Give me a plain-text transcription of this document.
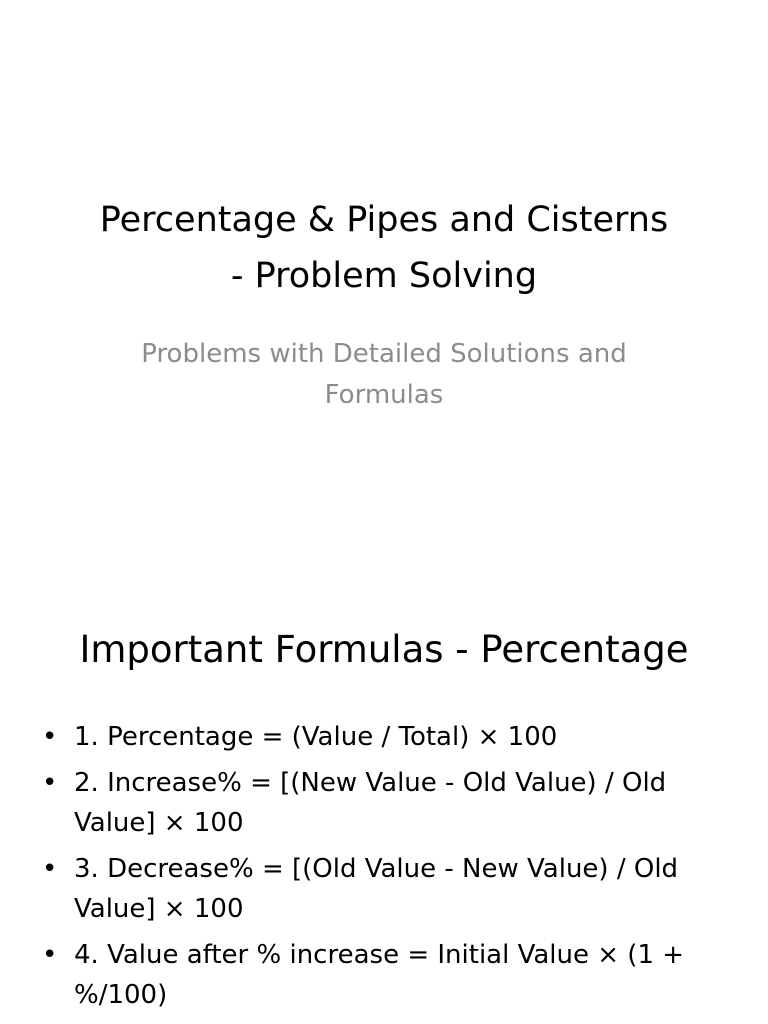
Percentage & Pipes and Cisterns
- Problem Solving

Problems with Detailed Solutions and
Formulas

Important Formulas - Percentage
• 1. Percentage = (Value / Total) × 100
• 2. Increase% = [(New Value - Old Value) / Old Value] × 100
• 3. Decrease% = [(Old Value - New Value) / Old Value] × 100
• 4. Value after % increase = Initial Value × (1 + %/100)
